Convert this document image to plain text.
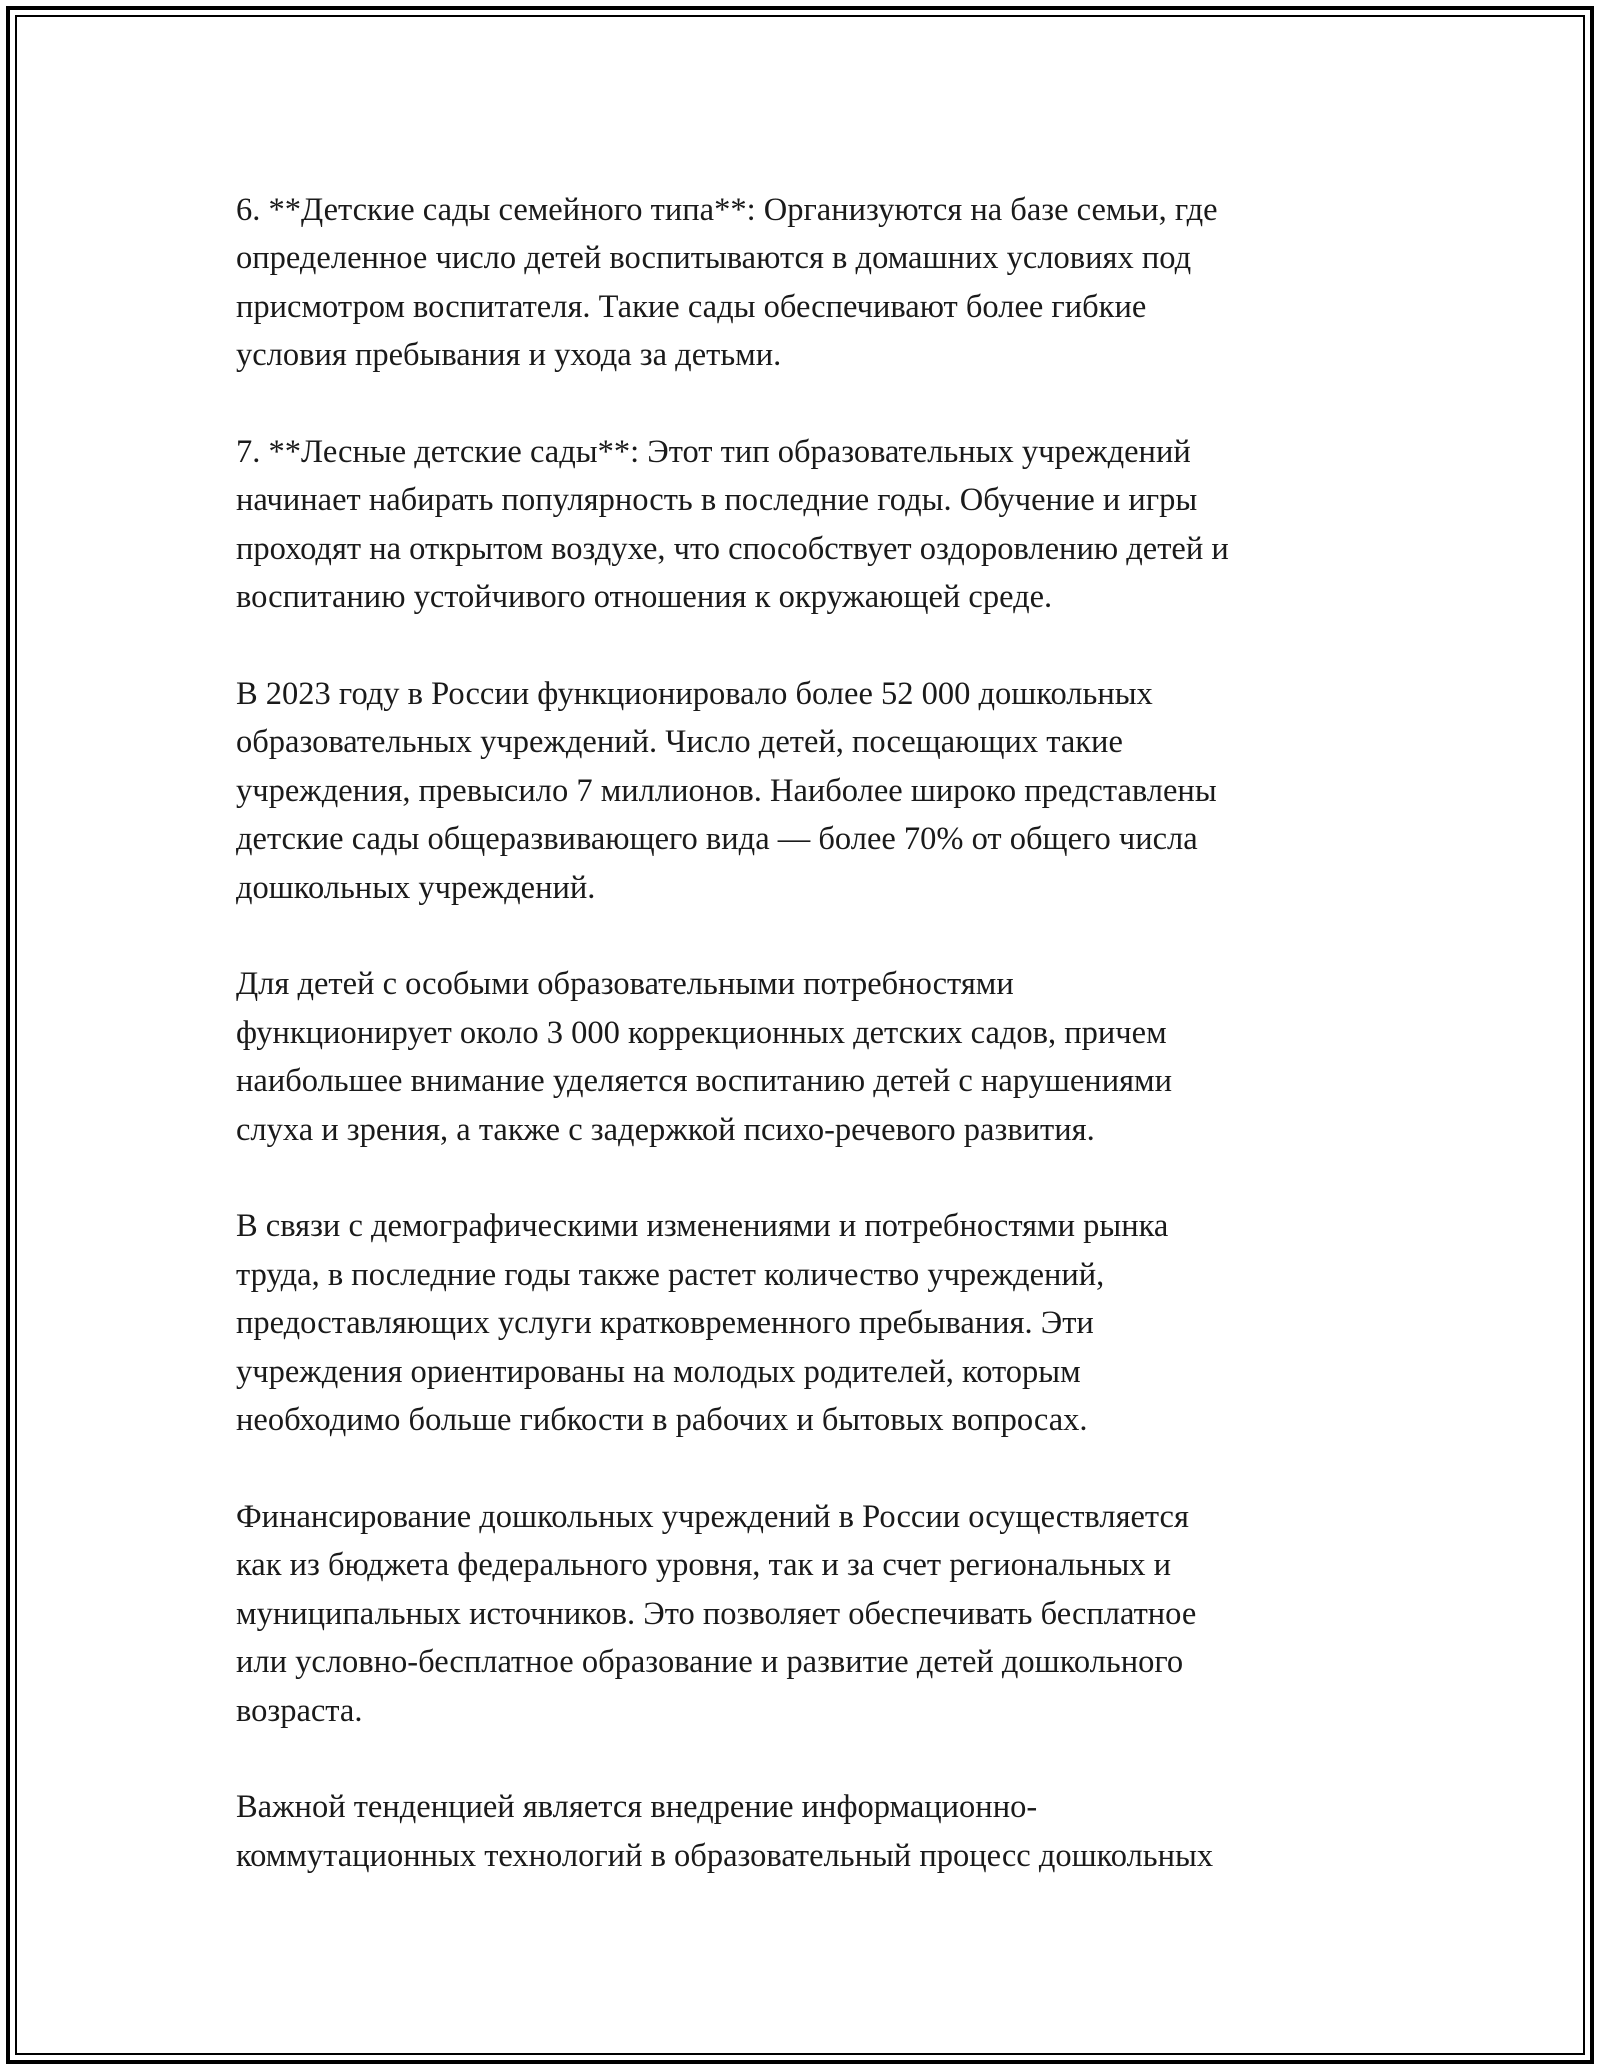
6. **Детские сады семейного типа**: Организуются на базе семьи, где
определенное число детей воспитываются в домашних условиях под
присмотром воспитателя. Такие сады обеспечивают более гибкие
условия пребывания и ухода за детьми.

7. **Лесные детские сады**: Этот тип образовательных учреждений
начинает набирать популярность в последние годы. Обучение и игры
проходят на открытом воздухе, что способствует оздоровлению детей и
воспитанию устойчивого отношения к окружающей среде.

В 2023 году в России функционировало более 52 000 дошкольных
образовательных учреждений. Число детей, посещающих такие
учреждения, превысило 7 миллионов. Наиболее широко представлены
детские сады общеразвивающего вида — более 70% от общего числа
дошкольных учреждений.

Для детей с особыми образовательными потребностями
функционирует около 3 000 коррекционных детских садов, причем
наибольшее внимание уделяется воспитанию детей с нарушениями
слуха и зрения, а также с задержкой психо-речевого развития.

В связи с демографическими изменениями и потребностями рынка
труда, в последние годы также растет количество учреждений,
предоставляющих услуги кратковременного пребывания. Эти
учреждения ориентированы на молодых родителей, которым
необходимо больше гибкости в рабочих и бытовых вопросах.

Финансирование дошкольных учреждений в России осуществляется
как из бюджета федерального уровня, так и за счет региональных и
муниципальных источников. Это позволяет обеспечивать бесплатное
или условно-бесплатное образование и развитие детей дошкольного
возраста.

Важной тенденцией является внедрение информационно-
коммутационных технологий в образовательный процесс дошкольных
